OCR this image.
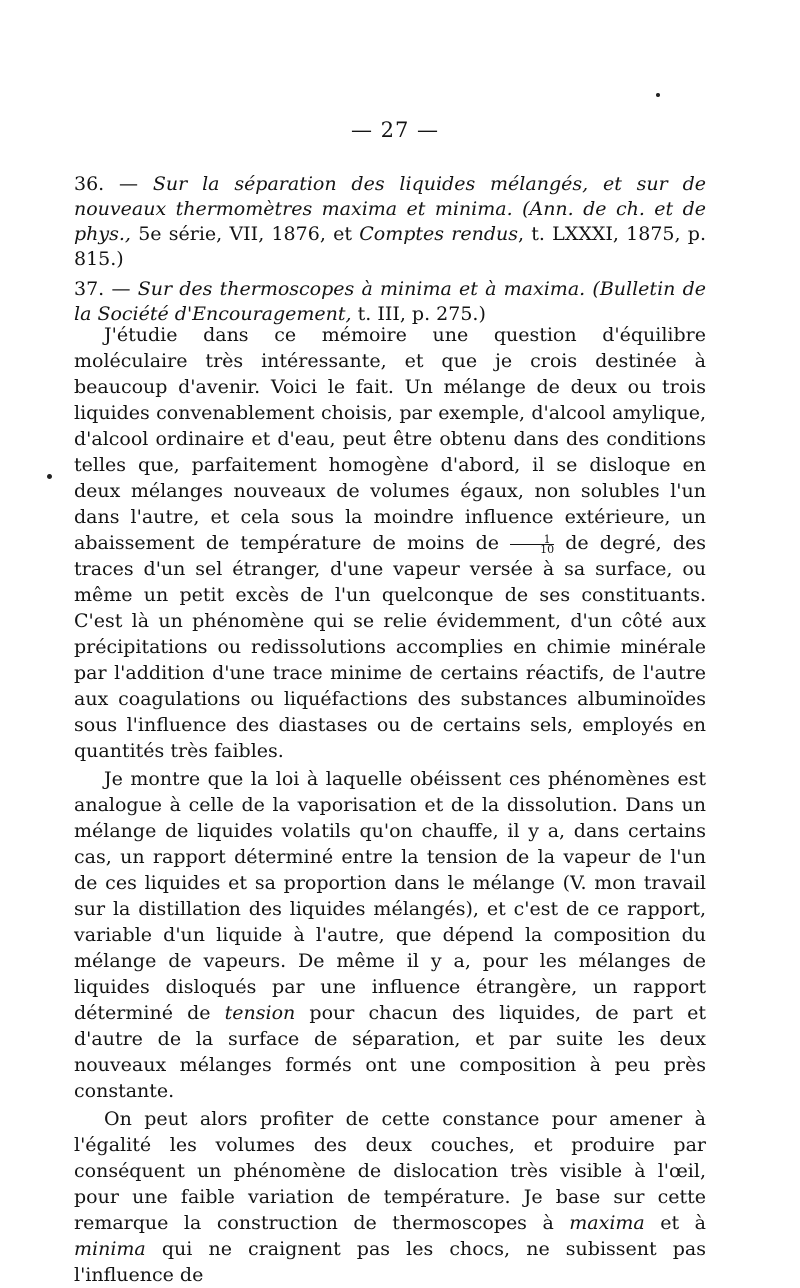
— 27 —

36. — Sur la séparation des liquides mélangés, et sur de nouveaux thermomètres maxima et minima. (Ann. de ch. et de phys., 5e série, VII, 1876, et Comptes rendus, t. LXXXI, 1875, p. 815.)

37. — Sur des thermoscopes à minima et à maxima. (Bulletin de la Société d'Encouragement, t. III, p. 275.)

J'étudie dans ce mémoire une question d'équilibre moléculaire très intéressante, et que je crois destinée à beaucoup d'avenir. Voici le fait. Un mélange de deux ou trois liquides convenablement choisis, par exemple, d'alcool amylique, d'alcool ordinaire et d'eau, peut être obtenu dans des conditions telles que, parfaitement homogène d'abord, il se disloque en deux mélanges nouveaux de volumes égaux, non solubles l'un dans l'autre, et cela sous la moindre influence extérieure, un abaissement de température de moins de $\frac{1}{10}$ de degré, des traces d'un sel étranger, d'une vapeur versée à sa surface, ou même un petit excès de l'un quelconque de ses constituants. C'est là un phénomène qui se relie évidemment, d'un côté aux précipitations ou redissolutions accomplies en chimie minérale par l'addition d'une trace minime de certains réactifs, de l'autre aux coagulations ou liquéfactions des substances albuminoïdes sous l'influence des diastases ou de certains sels, employés en quantités très faibles.

Je montre que la loi à laquelle obéissent ces phénomènes est analogue à celle de la vaporisation et de la dissolution. Dans un mélange de liquides volatils qu'on chauffe, il y a, dans certains cas, un rapport déterminé entre la tension de la vapeur de l'un de ces liquides et sa proportion dans le mélange (V. mon travail sur la distillation des liquides mélangés), et c'est de ce rapport, variable d'un liquide à l'autre, que dépend la composition du mélange de vapeurs. De même il y a, pour les mélanges de liquides disloqués par une influence étrangère, un rapport déterminé de tension pour chacun des liquides, de part et d'autre de la surface de séparation, et par suite les deux nouveaux mélanges formés ont une composition à peu près constante.

On peut alors profiter de cette constance pour amener à l'égalité les volumes des deux couches, et produire par conséquent un phénomène de dislocation très visible à l'œil, pour une faible variation de température. Je base sur cette remarque la construction de thermoscopes à maxima et à minima qui ne craignent pas les chocs, ne subissent pas l'influence de
